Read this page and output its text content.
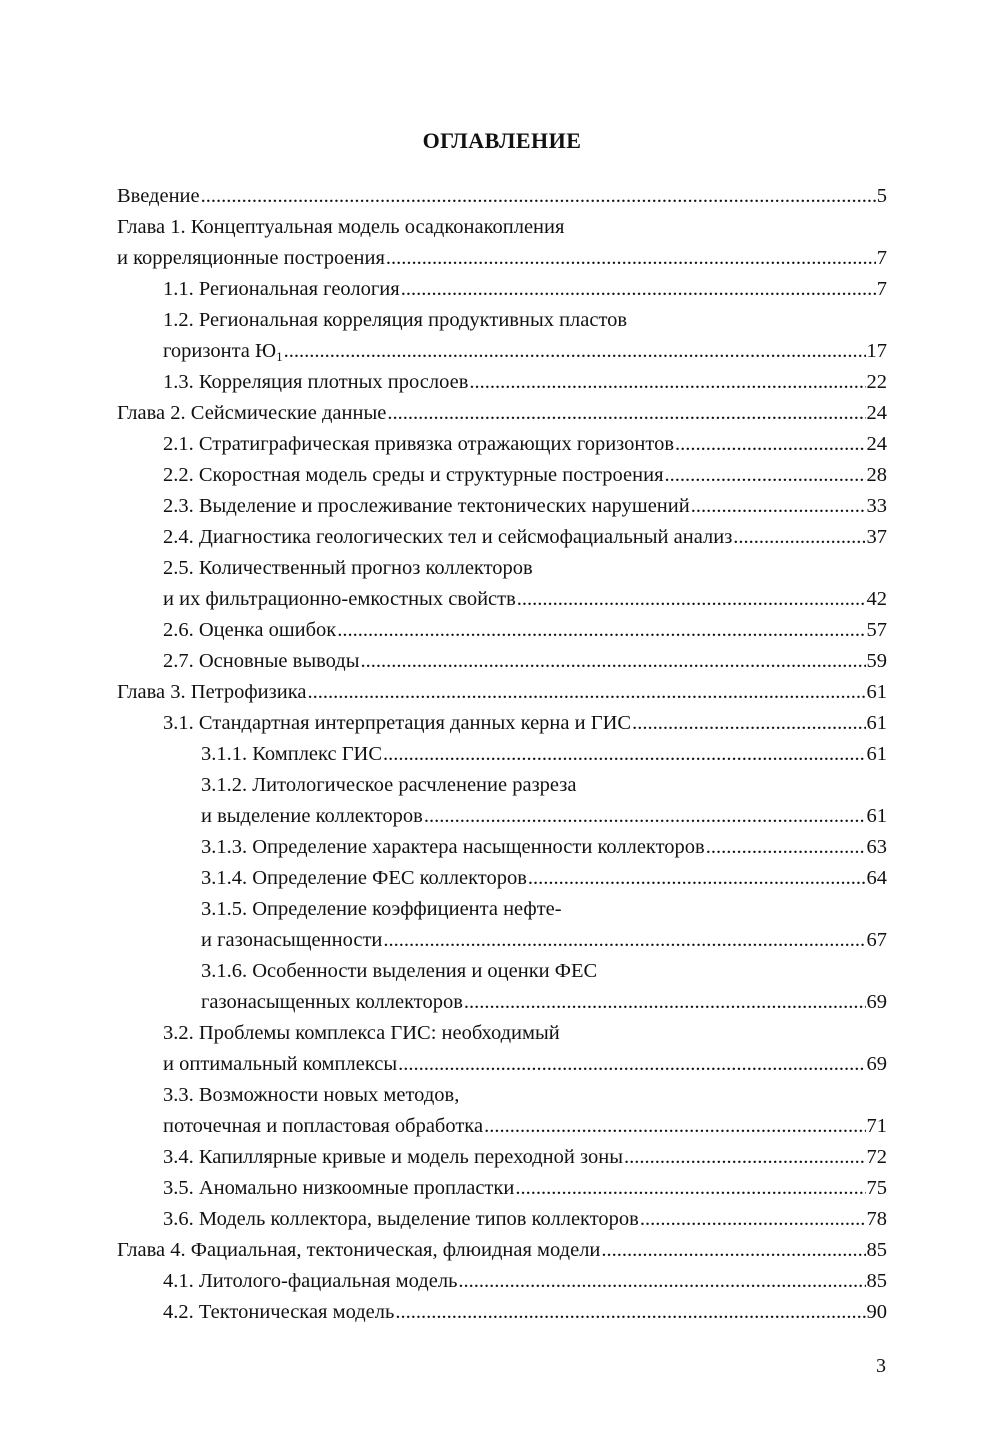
ОГЛАВЛЕНИЕ
Введение .....	5
Глава 1. Концептуальная модель осадконакопления
и корреляционные построения .....	7
1.1. Региональная геология .....	7
1.2. Региональная корреляция продуктивных пластов
горизонта $Ю_1$ .....	17
1.3. Корреляция плотных прослоев .....	22
Глава 2. Сейсмические данные .....	24
2.1. Стратиграфическая привязка отражающих горизонтов .....	24
2.2. Скоростная модель среды и структурные построения .....	28
2.3. Выделение и прослеживание тектонических нарушений .....	33
2.4. Диагностика геологических тел и сейсмофациальный анализ .....	37
2.5. Количественный прогноз коллекторов
и их фильтрационно-емкостных свойств .....	42
2.6. Оценка ошибок .....	57
2.7. Основные выводы .....	59
Глава 3. Петрофизика .....	61
3.1. Стандартная интерпретация данных керна и ГИС .....	61
3.1.1. Комплекс ГИС .....	61
3.1.2. Литологическое расчленение разреза
и выделение коллекторов .....	61
3.1.3. Определение характера насыщенности коллекторов .....	63
3.1.4. Определение ФЕС коллекторов .....	64
3.1.5. Определение коэффициента нефте-
и газонасыщенности .....	67
3.1.6. Особенности выделения и оценки ФЕС
газонасыщенных коллекторов .....	69
3.2. Проблемы комплекса ГИС: необходимый
и оптимальный комплексы .....	69
3.3. Возможности новых методов,
поточечная и попластовая обработка .....	71
3.4. Капиллярные кривые и модель переходной зоны .....	72
3.5. Аномально низкоомные пропластки .....	75
3.6. Модель коллектора, выделение типов коллекторов .....	78
Глава 4. Фациальная, тектоническая, флюидная модели .....	85
4.1. Литолого-фациальная модель .....	85
4.2. Тектоническая модель .....	90
3
